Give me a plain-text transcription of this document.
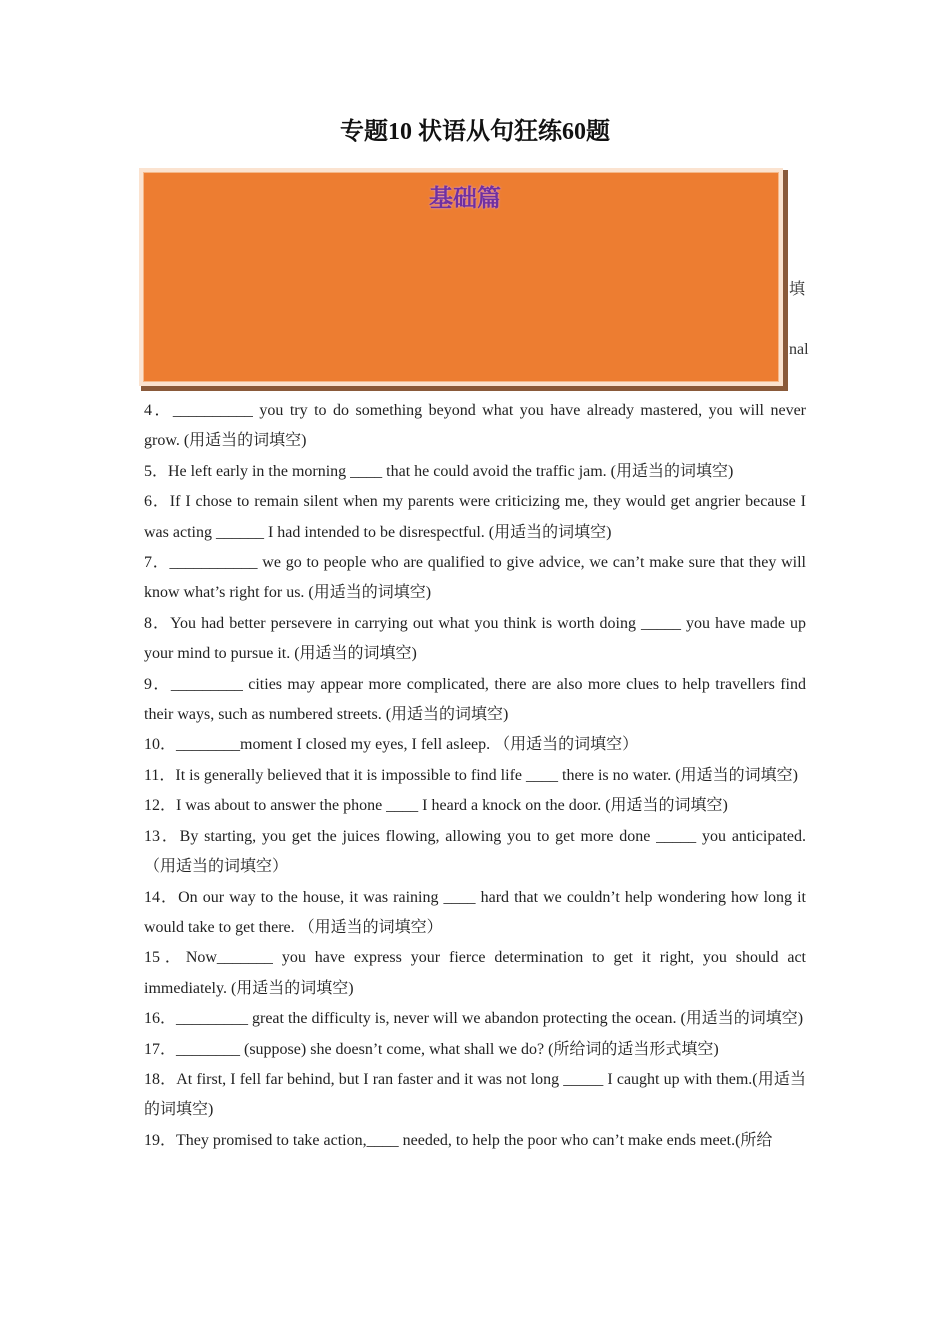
专题10 状语从句狂练60题
填
nal
基础篇
4．__________ you try to do something beyond what you have already mastered, you will never grow. (用适当的词填空)
5．He left early in the morning ____ that he could avoid the traffic jam. (用适当的词填空)
6．If I chose to remain silent when my parents were criticizing me, they would get angrier because I was acting ______ I had intended to be disrespectful. (用适当的词填空)
7．___________ we go to people who are qualified to give advice, we can’t make sure that they will know what’s right for us. (用适当的词填空)
8．You had better persevere in carrying out what you think is worth doing _____ you have made up your mind to pursue it. (用适当的词填空)
9．_________ cities may appear more complicated, there are also more clues to help travellers find their ways, such as numbered streets. (用适当的词填空)
10．________moment I closed my eyes, I fell asleep. （用适当的词填空）
11．It is generally believed that it is impossible to find life ____ there is no water. (用适当的词填空)
12．I was about to answer the phone ____ I heard a knock on the door. (用适当的词填空)
13．By starting, you get the juices flowing, allowing you to get more done _____ you anticipated.（用适当的词填空）
14．On our way to the house, it was raining ____ hard that we couldn’t help wondering how long it would take to get there. （用适当的词填空）
15．Now_______ you have express your fierce determination to get it right, you should act immediately. (用适当的词填空)
16．_________ great the difficulty is, never will we abandon protecting the ocean. (用适当的词填空)
17．________ (suppose) she doesn’t come, what shall we do? (所给词的适当形式填空)
18．At first, I fell far behind, but I ran faster and it was not long _____ I caught up with them.(用适当的词填空)
19．They promised to take action,____ needed, to help the poor who can’t make ends meet.(所给
